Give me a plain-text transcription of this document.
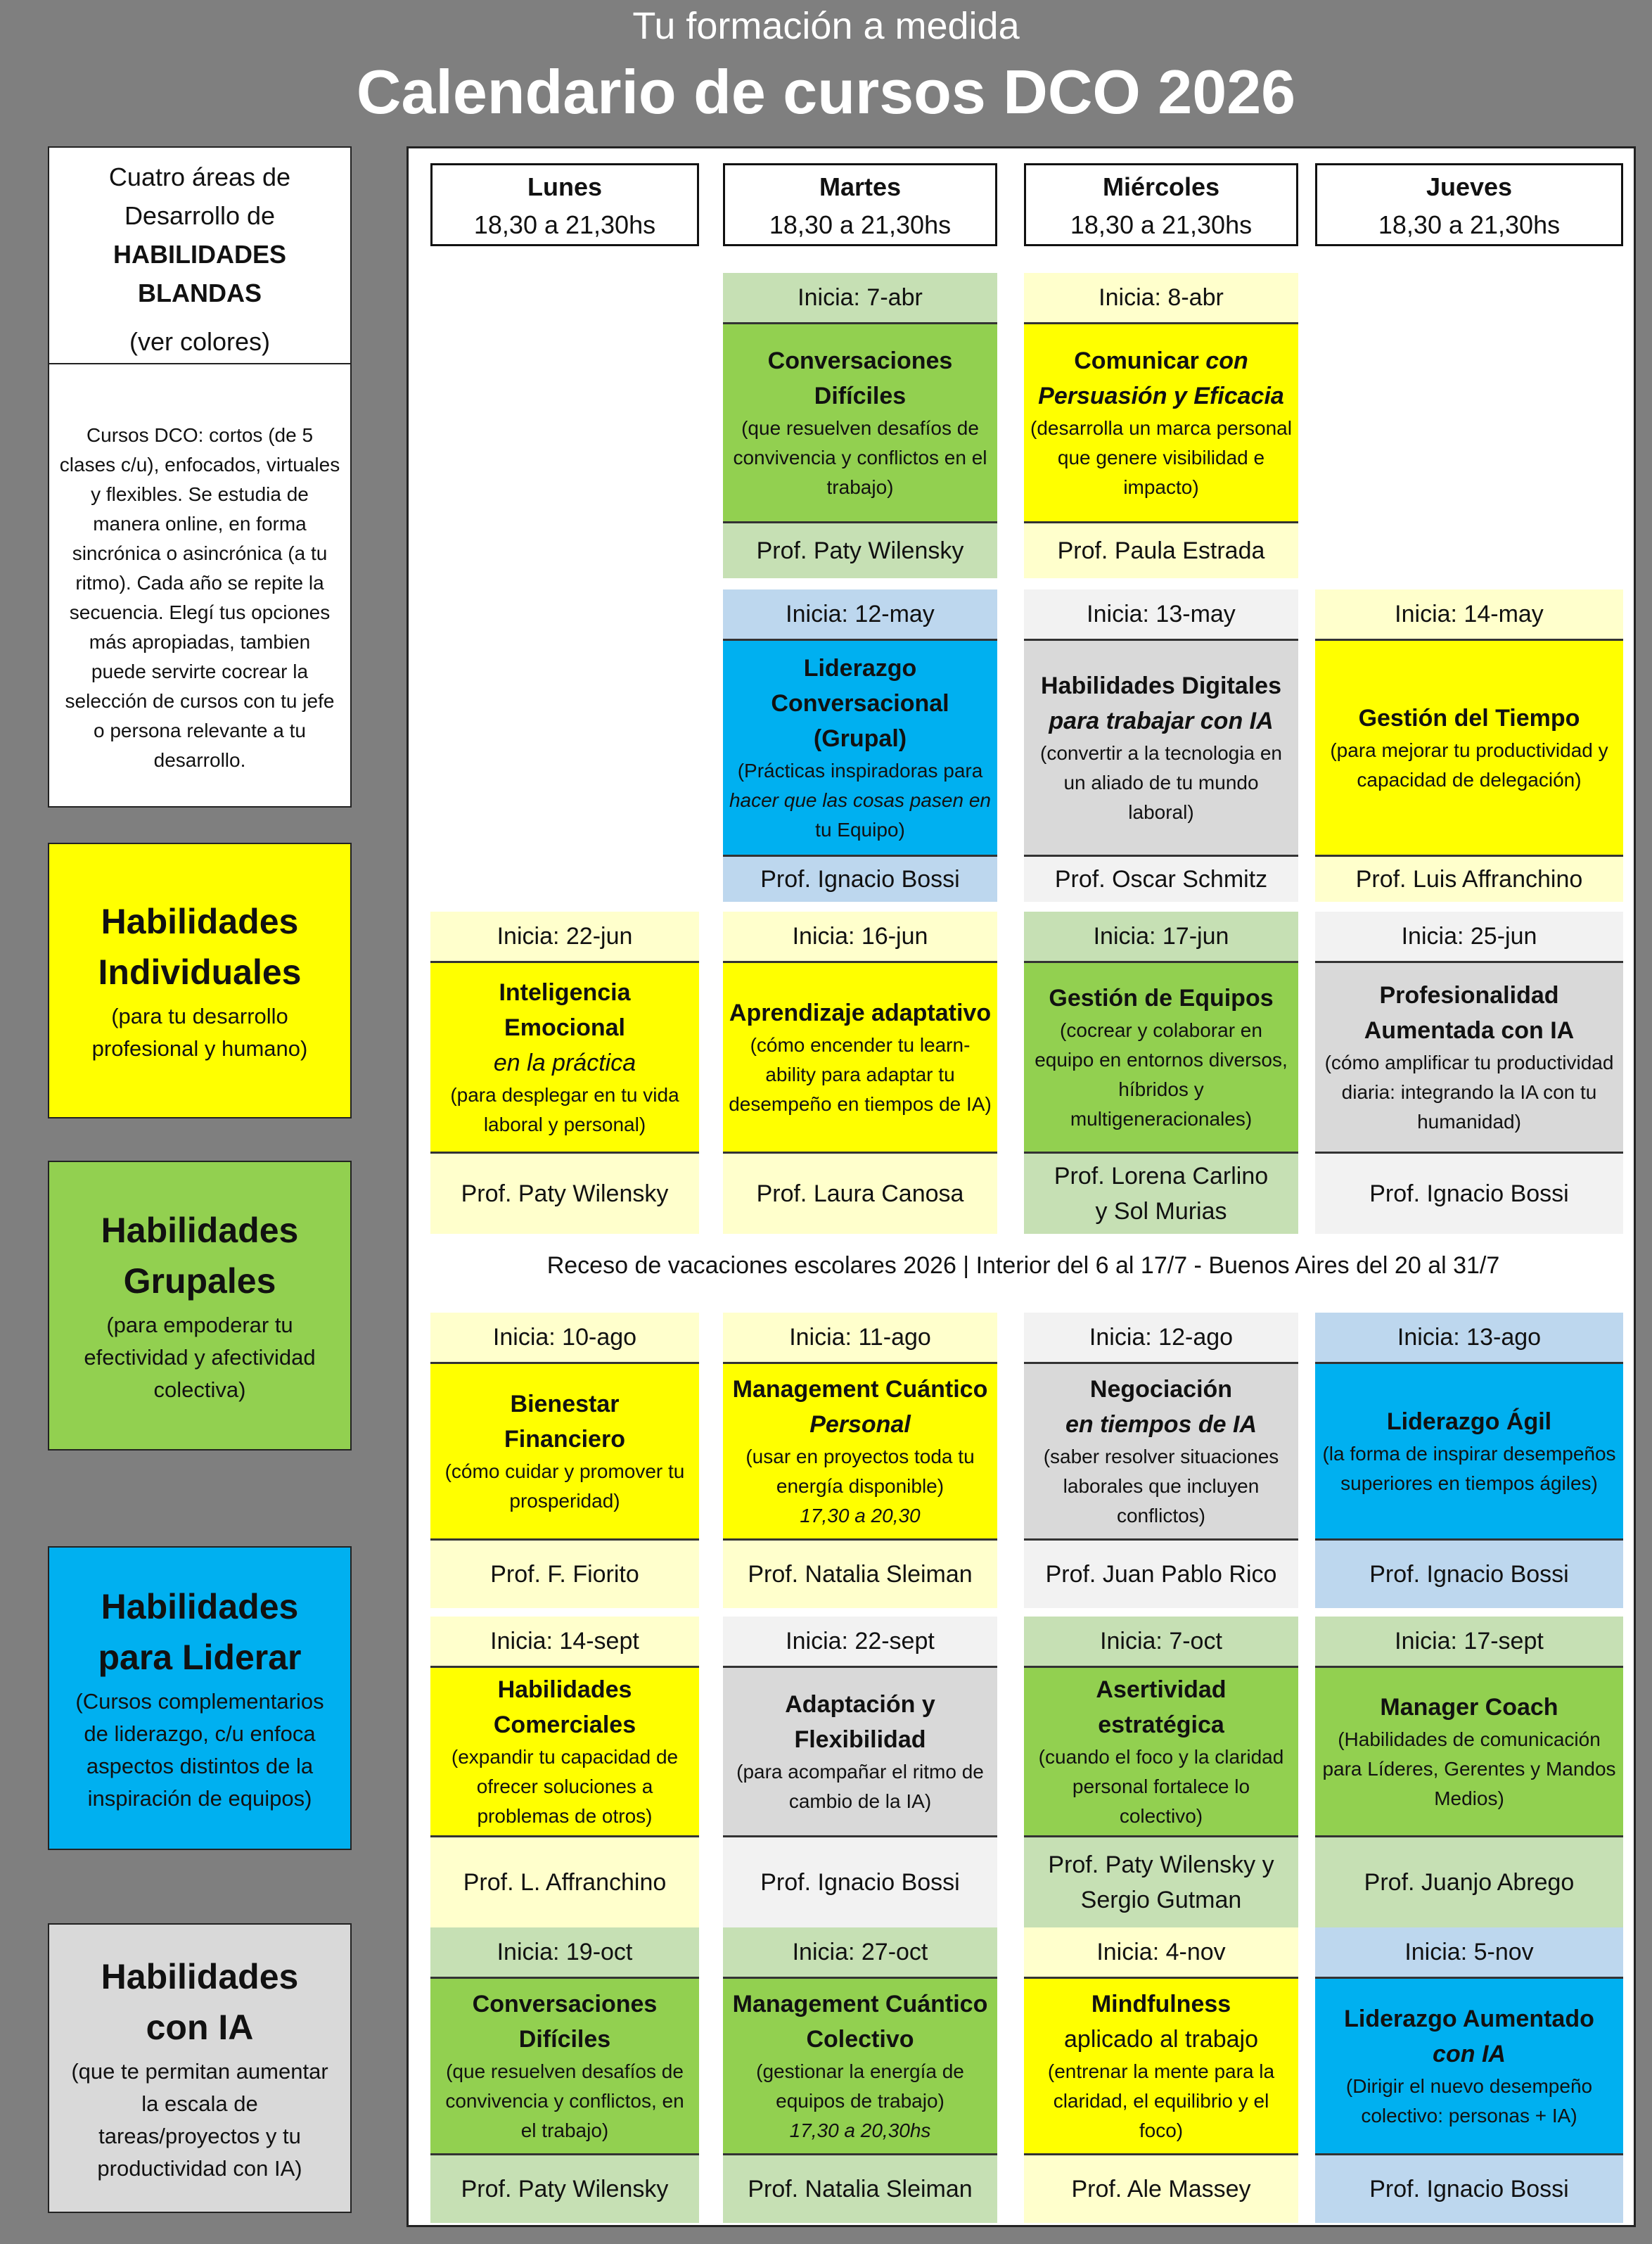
Tu formación a medida
Calendario de cursos DCO 2026
Cuatro áreas de
Desarrollo de
HABILIDADES
BLANDAS
(ver colores)
Cursos DCO: cortos (de 5 clases c/u), enfocados, virtuales y flexibles. Se estudia de manera online, en forma sincrónica o asincrónica (a tu ritmo). Cada año se repite la secuencia. Elegí tus opciones más apropiadas, tambien puede servirte cocrear la selección de cursos con tu jefe o persona relevante a tu desarrollo.
Habilidades
Individuales
(para tu desarrollo profesional y humano)
Habilidades
Grupales
(para empoderar tu efectividad y afectividad colectiva)
Habilidades
para Liderar
(Cursos complementarios de liderazgo, c/u enfoca aspectos distintos de la inspiración de equipos)
Habilidades
con IA
(que te permitan aumentar la escala de tareas/proyectos y tu productividad con IA)
Lunes
18,30 a 21,30hs
Martes
18,30 a 21,30hs
Miércoles
18,30 a 21,30hs
Jueves
18,30 a 21,30hs
Receso de vacaciones escolares 2026 | Interior del 6 al 17/7 - Buenos Aires del 20 al 31/7
Inicia: 7-abr
Conversaciones Difíciles
(que resuelven desafíos de convivencia y conflictos en el trabajo)
Prof. Paty Wilensky
Inicia: 8-abr
Comunicar con
Persuasión y Eficacia
(desarrolla un marca personal que genere visibilidad e impacto)
Prof. Paula Estrada
Inicia: 12-may
Liderazgo
Conversacional
(Grupal)
(Prácticas inspiradoras para
hacer que las cosas pasen en
tu Equipo)
Prof. Ignacio Bossi
Inicia: 13-may
Habilidades Digitales
para trabajar con IA
(convertir a la tecnologia en un aliado de tu mundo laboral)
Prof. Oscar Schmitz
Inicia: 14-may
Gestión del Tiempo
(para mejorar tu productividad y capacidad de delegación)
Prof. Luis Affranchino
Inicia: 22-jun
Inteligencia
Emocional
en la práctica
(para desplegar en tu vida laboral y personal)
Prof. Paty Wilensky
Inicia: 16-jun
Aprendizaje adaptativo
(cómo encender tu learn-ability para adaptar tu desempeño en tiempos de IA)
Prof. Laura Canosa
Inicia: 17-jun
Gestión de Equipos
(cocrear y colaborar en equipo en entornos diversos, híbridos y multigeneracionales)
Prof. Lorena Carlino
y Sol Murias
Inicia: 25-jun
Profesionalidad
Aumentada con IA
(cómo amplificar tu productividad diaria: integrando la IA con tu humanidad)
Prof. Ignacio Bossi
Inicia: 10-ago
Bienestar
Financiero
(cómo cuidar y promover tu prosperidad)
Prof. F. Fiorito
Inicia: 11-ago
Management Cuántico
Personal
(usar en proyectos toda tu energía disponible)
17,30 a 20,30
Prof. Natalia Sleiman
Inicia: 12-ago
Negociación
en tiempos de IA
(saber resolver situaciones laborales que incluyen conflictos)
Prof. Juan Pablo Rico
Inicia: 13-ago
Liderazgo Ágil
(la forma de inspirar desempeños superiores en tiempos ágiles)
Prof. Ignacio Bossi
Inicia: 14-sept
Habilidades
Comerciales
(expandir tu capacidad de ofrecer soluciones a problemas de otros)
Prof. L. Affranchino
Inicia: 22-sept
Adaptación y
Flexibilidad
(para acompañar el ritmo de cambio de la IA)
Prof. Ignacio Bossi
Inicia: 7-oct
Asertividad estratégica
(cuando el foco y la claridad personal fortalece lo colectivo)
Prof. Paty Wilensky y
Sergio Gutman
Inicia: 17-sept
Manager Coach
(Habilidades de comunicación para Líderes, Gerentes y Mandos Medios)
Prof. Juanjo Abrego
Inicia: 19-oct
Conversaciones
Difíciles
(que resuelven desafíos de convivencia y conflictos, en el trabajo)
Prof. Paty Wilensky
Inicia: 27-oct
Management Cuántico
Colectivo
(gestionar la energía de equipos de trabajo)
17,30 a 20,30hs
Prof. Natalia Sleiman
Inicia: 4-nov
Mindfulness
aplicado al trabajo
(entrenar la mente para la claridad, el equilibrio y el foco)
Prof. Ale Massey
Inicia: 5-nov
Liderazgo Aumentado
con IA
(Dirigir el nuevo desempeño colectivo: personas + IA)
Prof. Ignacio Bossi
